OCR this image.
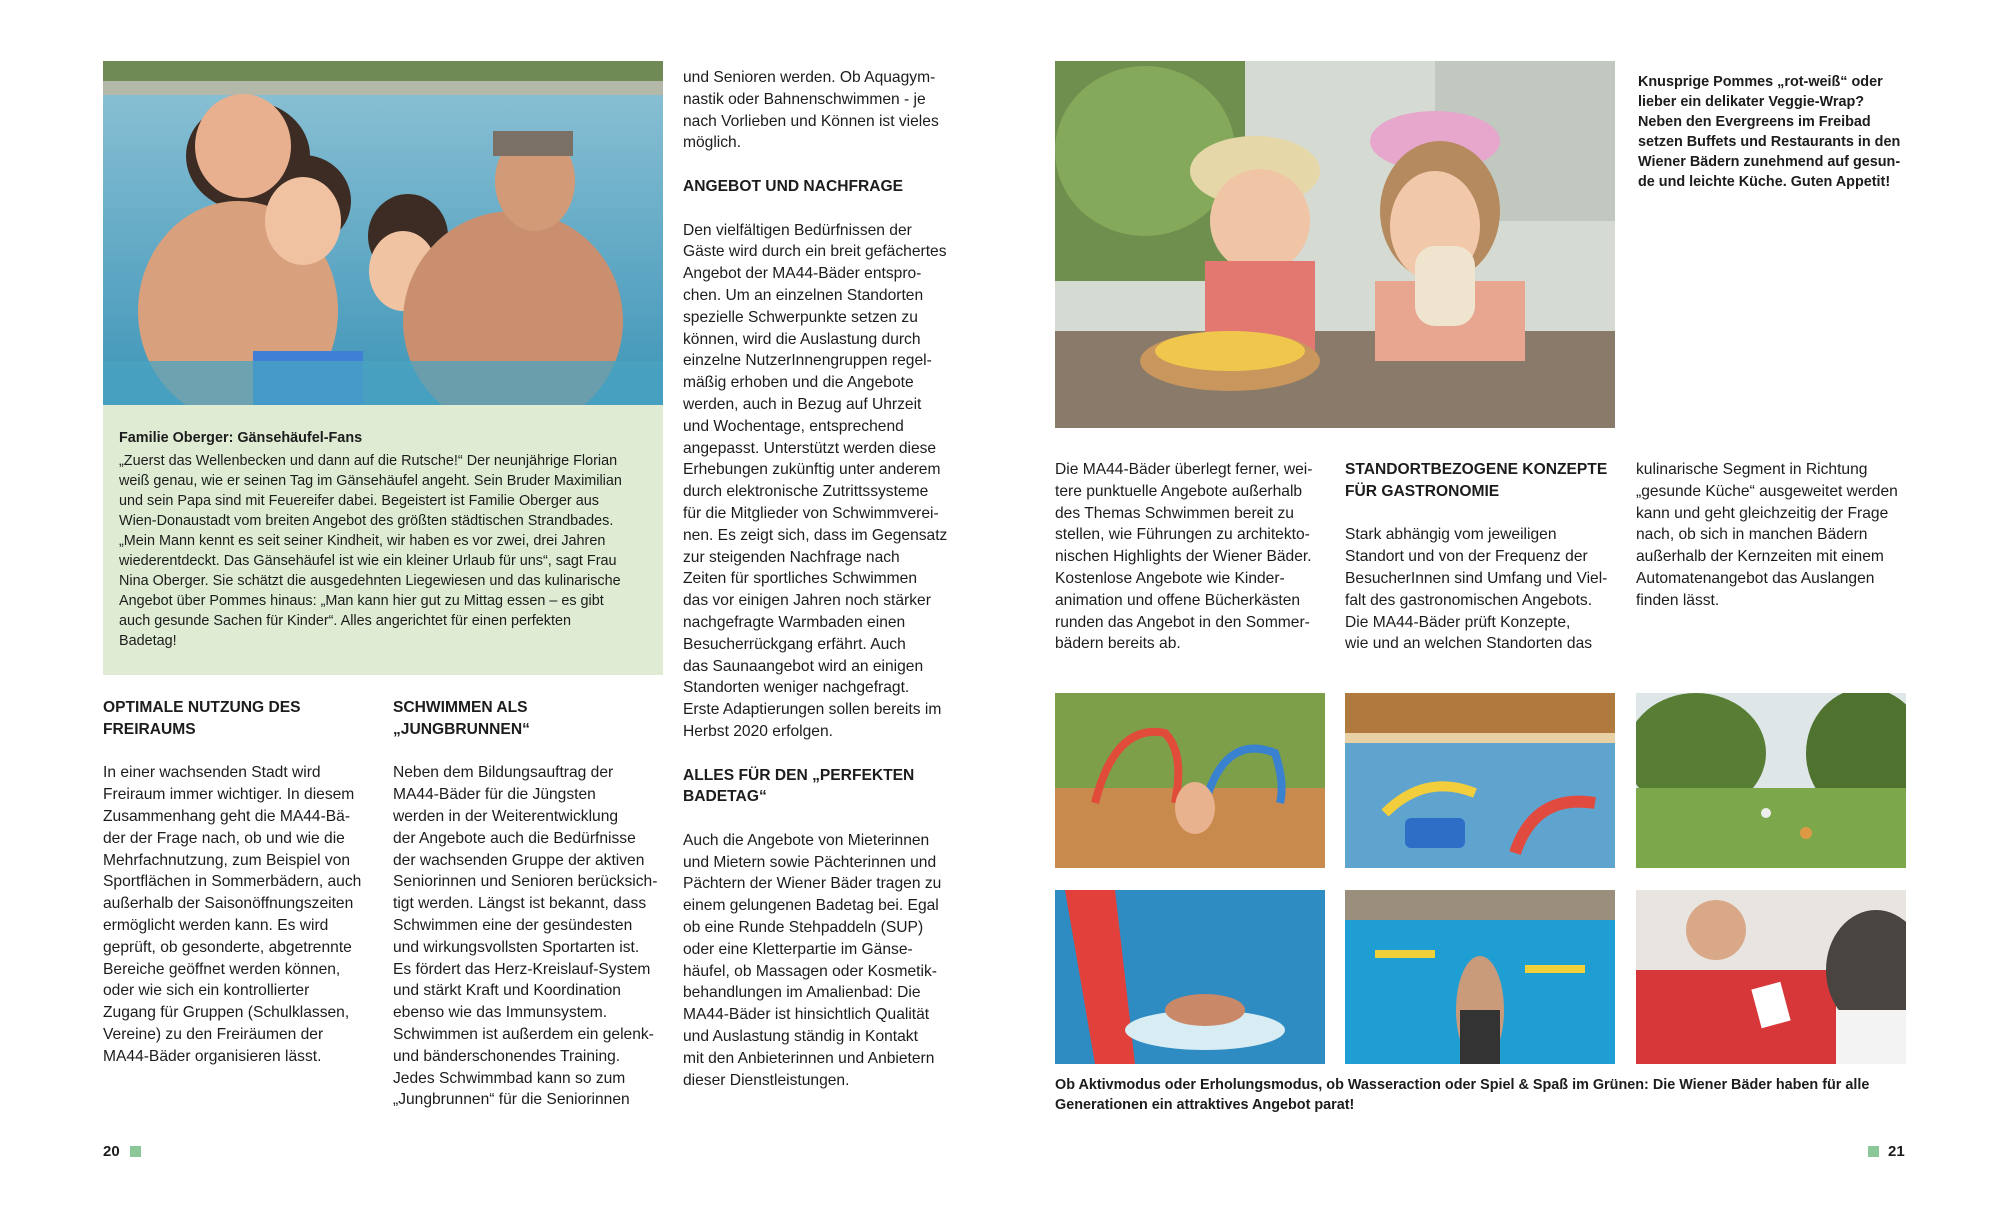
Familie Oberger: Gänsehäufel-Fans

„Zuerst das Wellenbecken und dann auf die Rutsche!“ Der neunjährige Florian
weiß genau, wie er seinen Tag im Gänsehäufel angeht. Sein Bruder Maximilian
und sein Papa sind mit Feuereifer dabei. Begeistert ist Familie Oberger aus
Wien-Donaustadt vom breiten Angebot des größten städtischen Strandbades.
„Mein Mann kennt es seit seiner Kindheit, wir haben es vor zwei, drei Jahren
wiederentdeckt. Das Gänsehäufel ist wie ein kleiner Urlaub für uns“, sagt Frau
Nina Oberger. Sie schätzt die ausgedehnten Liegewiesen und das kulinarische
Angebot über Pommes hinaus: „Man kann hier gut zu Mittag essen – es gibt
auch gesunde Sachen für Kinder“. Alles angerichtet für einen perfekten
Badetag!

OPTIMALE NUTZUNG DES
FREIRAUMS

In einer wachsenden Stadt wird
Freiraum immer wichtiger. In diesem
Zusammenhang geht die MA44-Bä-
der der Frage nach, ob und wie die
Mehrfachnutzung, zum Beispiel von
Sportflächen in Sommerbädern, auch
außerhalb der Saisonöffnungszeiten
ermöglicht werden kann. Es wird
geprüft, ob gesonderte, abgetrennte
Bereiche geöffnet werden können,
oder wie sich ein kontrollierter
Zugang für Gruppen (Schulklassen,
Vereine) zu den Freiräumen der
MA44-Bäder organisieren lässt.

SCHWIMMEN ALS
„JUNGBRUNNEN“

Neben dem Bildungsauftrag der
MA44-Bäder für die Jüngsten
werden in der Weiterentwicklung
der Angebote auch die Bedürfnisse
der wachsenden Gruppe der aktiven
Seniorinnen und Senioren berücksich-
tigt werden. Längst ist bekannt, dass
Schwimmen eine der gesündesten
und wirkungsvollsten Sportarten ist.
Es fördert das Herz-Kreislauf-System
und stärkt Kraft und Koordination
ebenso wie das Immunsystem.
Schwimmen ist außerdem ein gelenk-
und bänderschonendes Training.
Jedes Schwimmbad kann so zum
„Jungbrunnen“ für die Seniorinnen

und Senioren werden. Ob Aquagym-
nastik oder Bahnenschwimmen - je
nach Vorlieben und Können ist vieles
möglich.

ANGEBOT UND NACHFRAGE

Den vielfältigen Bedürfnissen der
Gäste wird durch ein breit gefächertes
Angebot der MA44-Bäder entspro-
chen. Um an einzelnen Standorten
spezielle Schwerpunkte setzen zu
können, wird die Auslastung durch
einzelne NutzerInnengruppen regel-
mäßig erhoben und die Angebote
werden, auch in Bezug auf Uhrzeit
und Wochentage, entsprechend
angepasst. Unterstützt werden diese
Erhebungen zukünftig unter anderem
durch elektronische Zutrittssysteme
für die Mitglieder von Schwimmverei-
nen. Es zeigt sich, dass im Gegensatz
zur steigenden Nachfrage nach
Zeiten für sportliches Schwimmen
das vor einigen Jahren noch stärker
nachgefragte Warmbaden einen
Besucherrückgang erfährt. Auch
das Saunaangebot wird an einigen
Standorten weniger nachgefragt.
Erste Adaptierungen sollen bereits im
Herbst 2020 erfolgen.

ALLES FÜR DEN „PERFEKTEN
BADETAG“

Auch die Angebote von Mieterinnen
und Mietern sowie Pächterinnen und
Pächtern der Wiener Bäder tragen zu
einem gelungenen Badetag bei. Egal
ob eine Runde Stehpaddeln (SUP)
oder eine Kletterpartie im Gänse-
häufel, ob Massagen oder Kosmetik-
behandlungen im Amalienbad: Die
MA44-Bäder ist hinsichtlich Qualität
und Auslastung ständig in Kontakt
mit den Anbieterinnen und Anbietern
dieser Dienstleistungen.

20

Knusprige Pommes „rot-weiß“ oder
lieber ein delikater Veggie-Wrap?
Neben den Evergreens im Freibad
setzen Buffets und Restaurants in den
Wiener Bädern zunehmend auf gesun-
de und leichte Küche. Guten Appetit!

Die MA44-Bäder überlegt ferner, wei-
tere punktuelle Angebote außerhalb
des Themas Schwimmen bereit zu
stellen, wie Führungen zu architekto-
nischen Highlights der Wiener Bäder.
Kostenlose Angebote wie Kinder-
animation und offene Bücherkästen
runden das Angebot in den Sommer-
bädern bereits ab.

STANDORTBEZOGENE KONZEPTE
FÜR GASTRONOMIE

Stark abhängig vom jeweiligen
Standort und von der Frequenz der
BesucherInnen sind Umfang und Viel-
falt des gastronomischen Angebots.
Die MA44-Bäder prüft Konzepte,
wie und an welchen Standorten das

kulinarische Segment in Richtung
„gesunde Küche“ ausgeweitet werden
kann und geht gleichzeitig der Frage
nach, ob sich in manchen Bädern
außerhalb der Kernzeiten mit einem
Automatenangebot das Auslangen
finden lässt.

Ob Aktivmodus oder Erholungsmodus, ob Wasseraction oder Spiel & Spaß im Grünen: Die Wiener Bäder haben für alle
Generationen ein attraktives Angebot parat!

21
